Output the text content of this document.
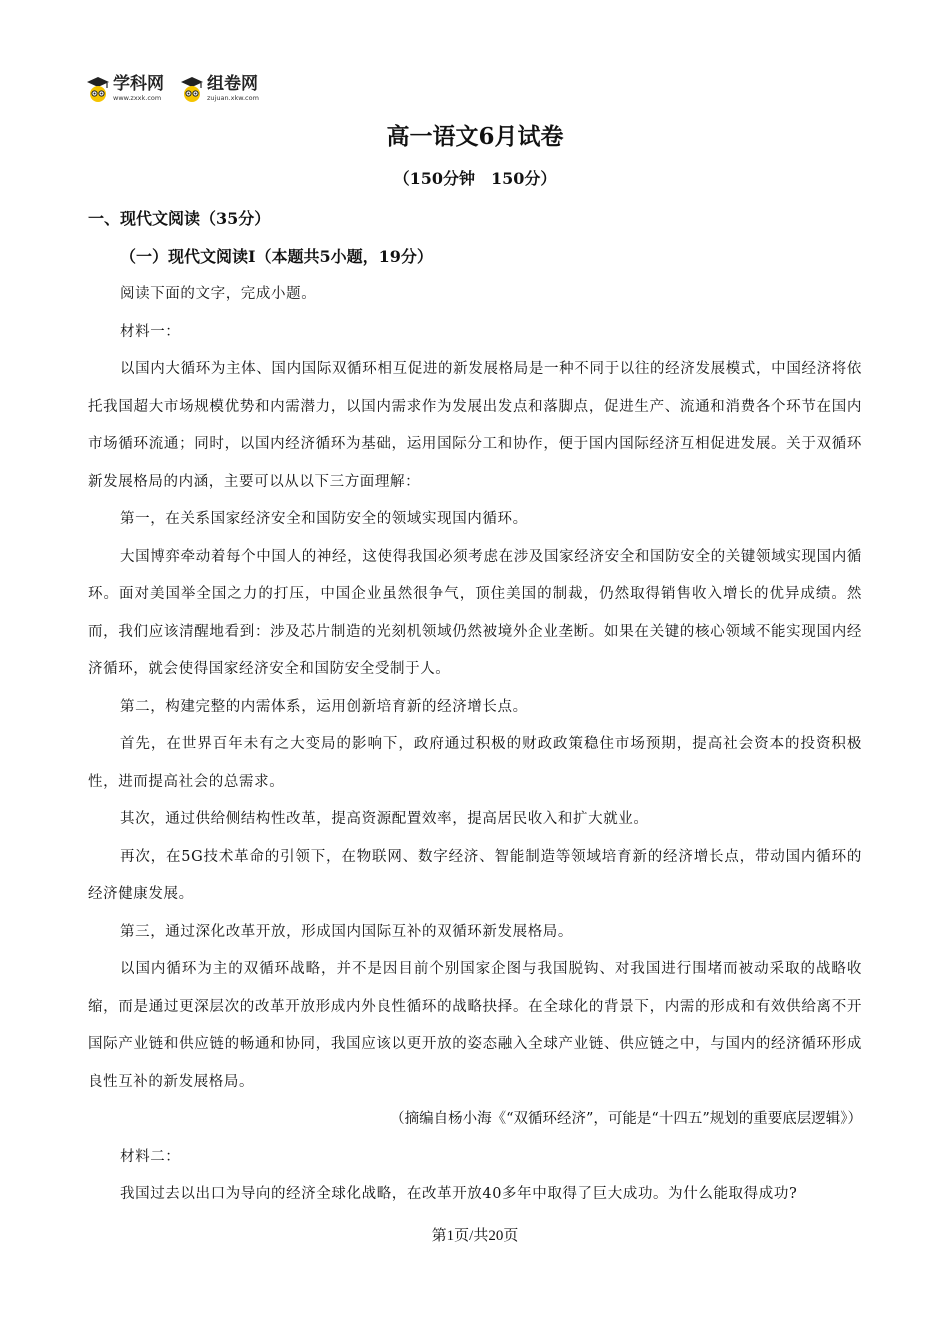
学科网
www.zxxk.com
组卷网
zujuan.xkw.com
高一语文6月试卷
（150分钟　150分）

一、现代文阅读（35分）

（一）现代文阅读Ⅰ（本题共5小题，19分）

阅读下面的文字，完成小题。

材料一：

以国内大循环为主体、国内国际双循环相互促进的新发展格局是一种不同于以往的经济发展模式，中国经济将依托我国超大市场规模优势和内需潜力，以国内需求作为发展出发点和落脚点，促进生产、流通和消费各个环节在国内市场循环流通；同时，以国内经济循环为基础，运用国际分工和协作，便于国内国际经济互相促进发展。关于双循环新发展格局的内涵，主要可以从以下三方面理解：

第一，在关系国家经济安全和国防安全的领域实现国内循环。

大国博弈牵动着每个中国人的神经，这使得我国必须考虑在涉及国家经济安全和国防安全的关键领域实现国内循环。面对美国举全国之力的打压，中国企业虽然很争气，顶住美国的制裁，仍然取得销售收入增长的优异成绩。然而，我们应该清醒地看到：涉及芯片制造的光刻机领域仍然被境外企业垄断。如果在关键的核心领域不能实现国内经济循环，就会使得国家经济安全和国防安全受制于人。

第二，构建完整的内需体系，运用创新培育新的经济增长点。

首先，在世界百年未有之大变局的影响下，政府通过积极的财政政策稳住市场预期，提高社会资本的投资积极性，进而提高社会的总需求。

其次，通过供给侧结构性改革，提高资源配置效率，提高居民收入和扩大就业。

再次，在5G技术革命的引领下，在物联网、数字经济、智能制造等领域培育新的经济增长点，带动国内循环的经济健康发展。

第三，通过深化改革开放，形成国内国际互补的双循环新发展格局。

以国内循环为主的双循环战略，并不是因目前个别国家企图与我国脱钩、对我国进行围堵而被动采取的战略收缩，而是通过更深层次的改革开放形成内外良性循环的战略抉择。在全球化的背景下，内需的形成和有效供给离不开国际产业链和供应链的畅通和协同，我国应该以更开放的姿态融入全球产业链、供应链之中，与国内的经济循环形成良性互补的新发展格局。

（摘编自杨小海《“双循环经济”，可能是“十四五”规划的重要底层逻辑》）

材料二：

我国过去以出口为导向的经济全球化战略，在改革开放40多年中取得了巨大成功。为什么能取得成功?

第1页/共20页
